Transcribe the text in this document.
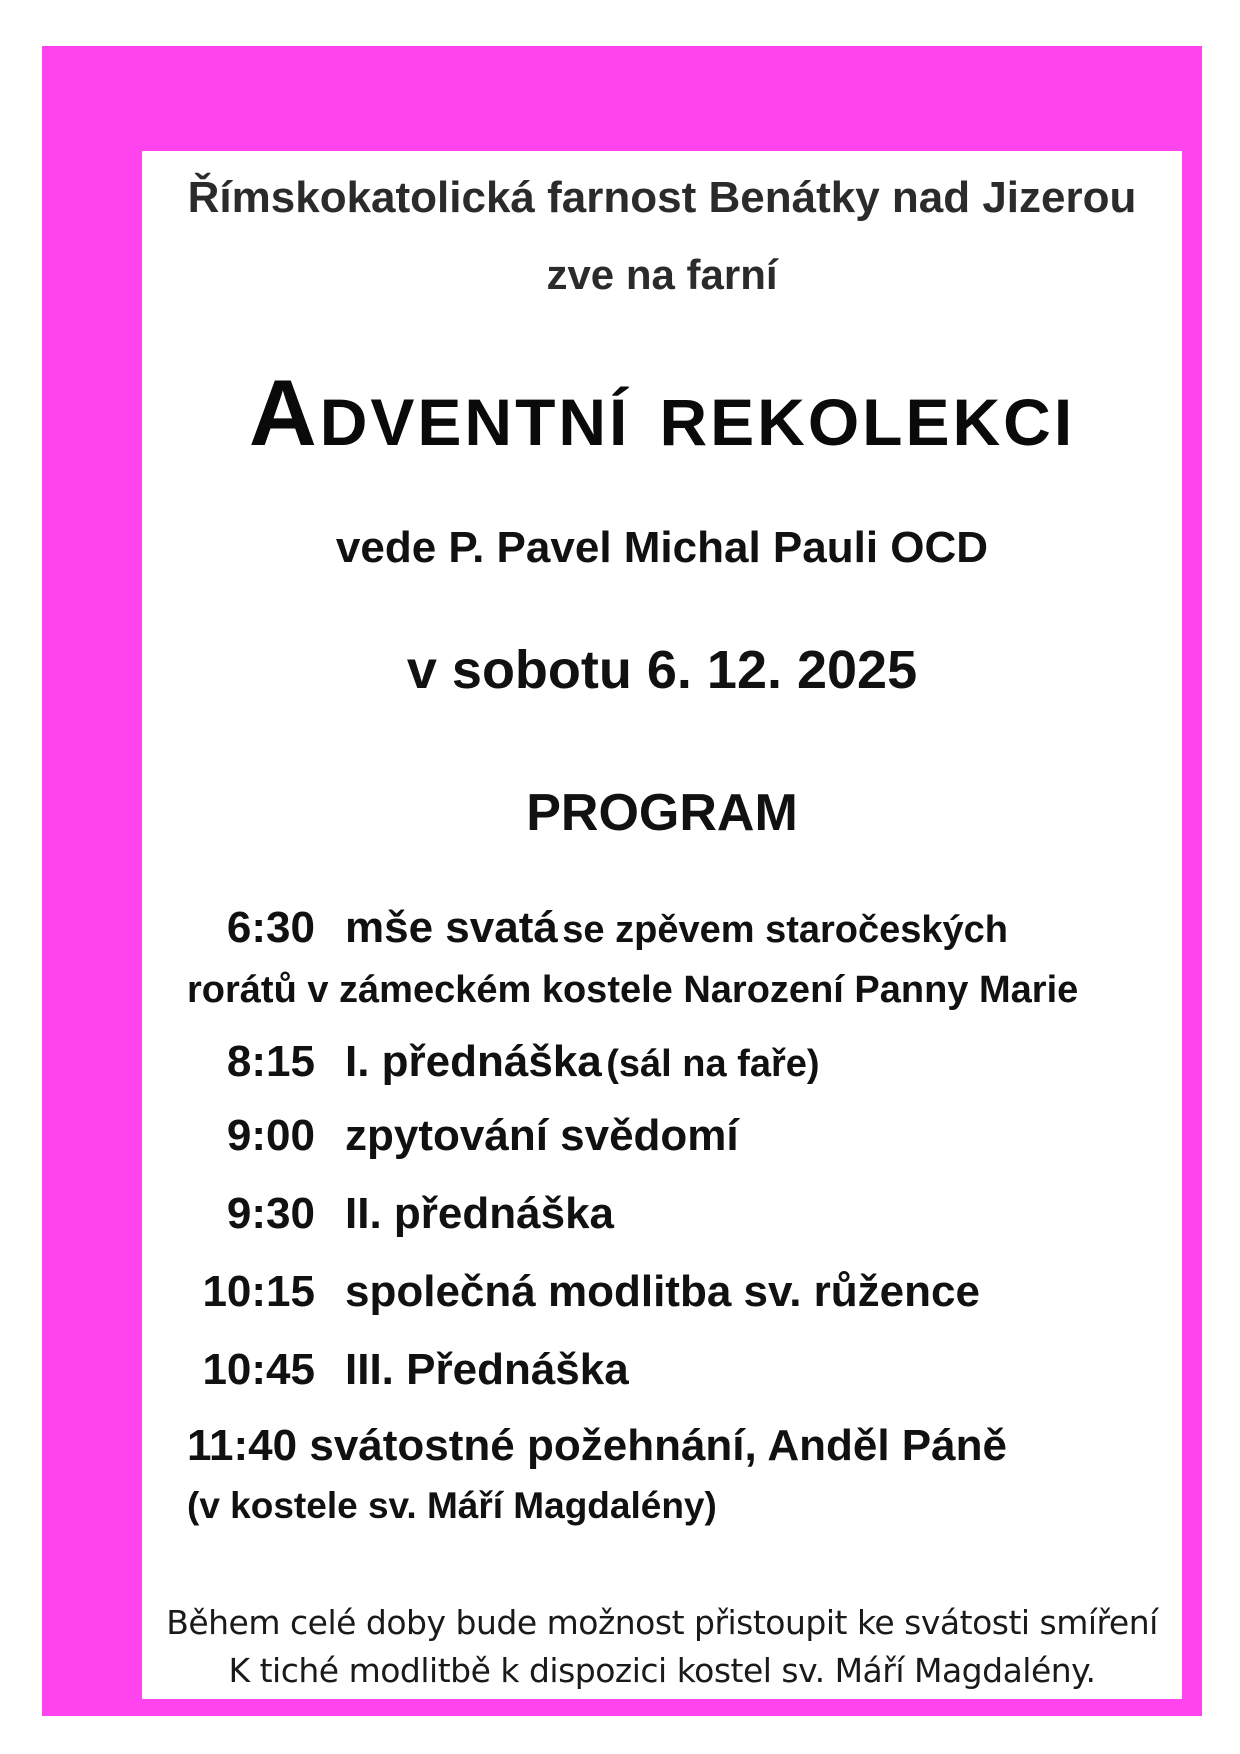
Římskokatolická farnost Benátky nad Jizerou
zve na farní
Adventní rekolekci
vede P. Pavel Michal Pauli OCD
v sobotu 6. 12. 2025
PROGRAM
6:30 mše svatá se zpěvem staročeských
rorátů v zámeckém kostele Narození Panny Marie
8:15 I. přednáška (sál na faře)
9:00 zpytování svědomí
9:30 II. přednáška
10:15 společná modlitba sv. růžence
10:45 III. Přednáška
11:40 svátostné požehnání, Anděl Páně
(v kostele sv. Máří Magdalény)
Během celé doby bude možnost přistoupit ke svátosti smíření
K tiché modlitbě k dispozici kostel sv. Máří Magdalény.
